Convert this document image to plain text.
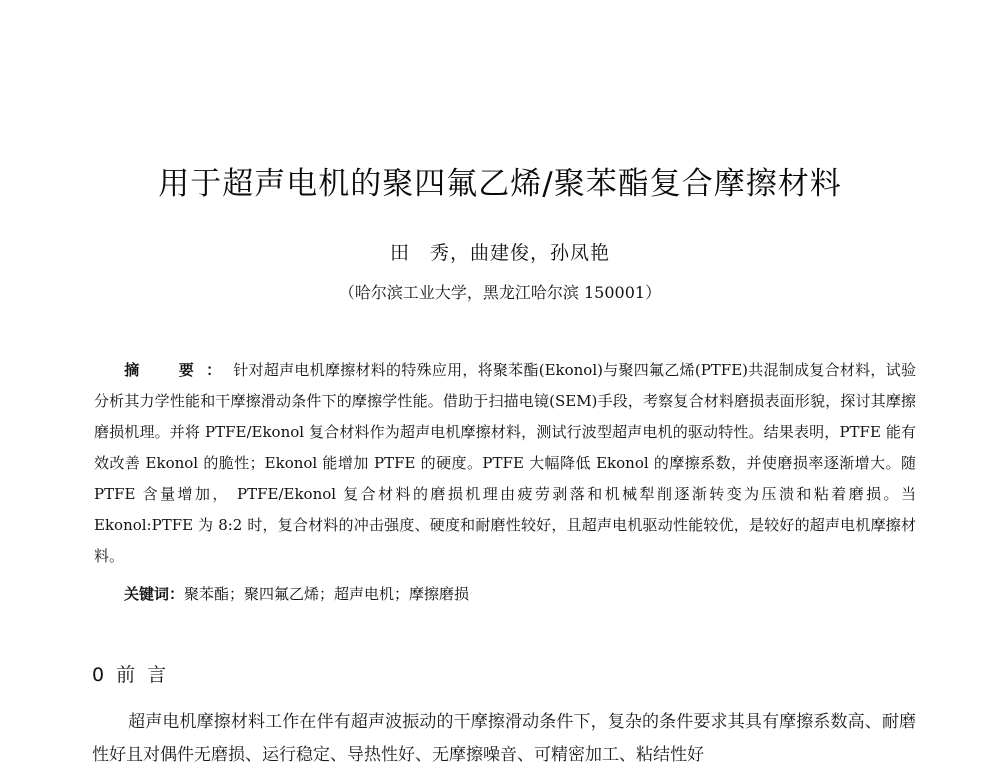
用于超声电机的聚四氟乙烯/聚苯酯复合摩擦材料
田　秀，曲建俊，孙凤艳
（哈尔滨工业大学，黑龙江哈尔滨 150001）
摘　要：针对超声电机摩擦材料的特殊应用，将聚苯酯(Ekonol)与聚四氟乙烯(PTFE)共混制成复合材料，试验分析其力学性能和干摩擦滑动条件下的摩擦学性能。借助于扫描电镜(SEM)手段，考察复合材料磨损表面形貌，探讨其摩擦磨损机理。并将 PTFE/Ekonol 复合材料作为超声电机摩擦材料，测试行波型超声电机的驱动特性。结果表明，PTFE 能有效改善 Ekonol 的脆性；Ekonol 能增加 PTFE 的硬度。PTFE 大幅降低 Ekonol 的摩擦系数，并使磨损率逐渐增大。随 PTFE 含量增加， PTFE/Ekonol 复合材料的磨损机理由疲劳剥落和机械犁削逐渐转变为压溃和粘着磨损。当 Ekonol:PTFE 为 8:2 时，复合材料的冲击强度、硬度和耐磨性较好，且超声电机驱动性能较优，是较好的超声电机摩擦材料。
关键词：聚苯酯；聚四氟乙烯；超声电机；摩擦磨损
0 前 言
超声电机摩擦材料工作在伴有超声波振动的干摩擦滑动条件下，复杂的条件要求其具有摩擦系数高、耐磨性好且对偶件无磨损、运行稳定、导热性好、无摩擦噪音、可精密加工、粘结性好
